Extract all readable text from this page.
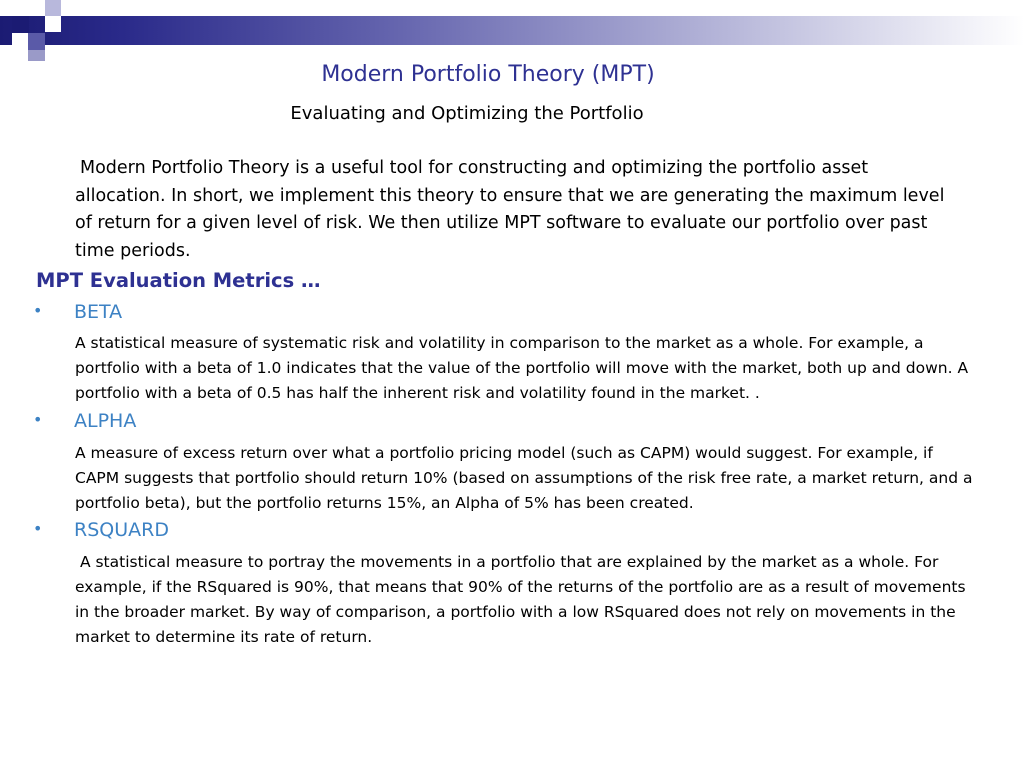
Modern Portfolio Theory (MPT)
Evaluating and Optimizing the Portfolio
Modern Portfolio Theory is a useful tool for constructing and optimizing the portfolio asset allocation. In short, we implement this theory to ensure that we are generating the maximum level of return for a given level of risk. We then utilize MPT software to evaluate our portfolio over past time periods.
MPT Evaluation Metrics …
• BETA
A statistical measure of systematic risk and volatility in comparison to the market as a whole. For example, a portfolio with a beta of 1.0 indicates that the value of the portfolio will move with the market, both up and down. A portfolio with a beta of 0.5 has half the inherent risk and volatility found in the market. .
• ALPHA
A measure of excess return over what a portfolio pricing model (such as CAPM) would suggest. For example, if CAPM suggests that portfolio should return 10% (based on assumptions of the risk free rate, a market return, and a portfolio beta), but the portfolio returns 15%, an Alpha of 5% has been created.
• RSQUARD
A statistical measure to portray the movements in a portfolio that are explained by the market as a whole. For example, if the RSquared is 90%, that means that 90% of the returns of the portfolio are as a result of movements in the broader market. By way of comparison, a portfolio with a low RSquared does not rely on movements in the market to determine its rate of return.
